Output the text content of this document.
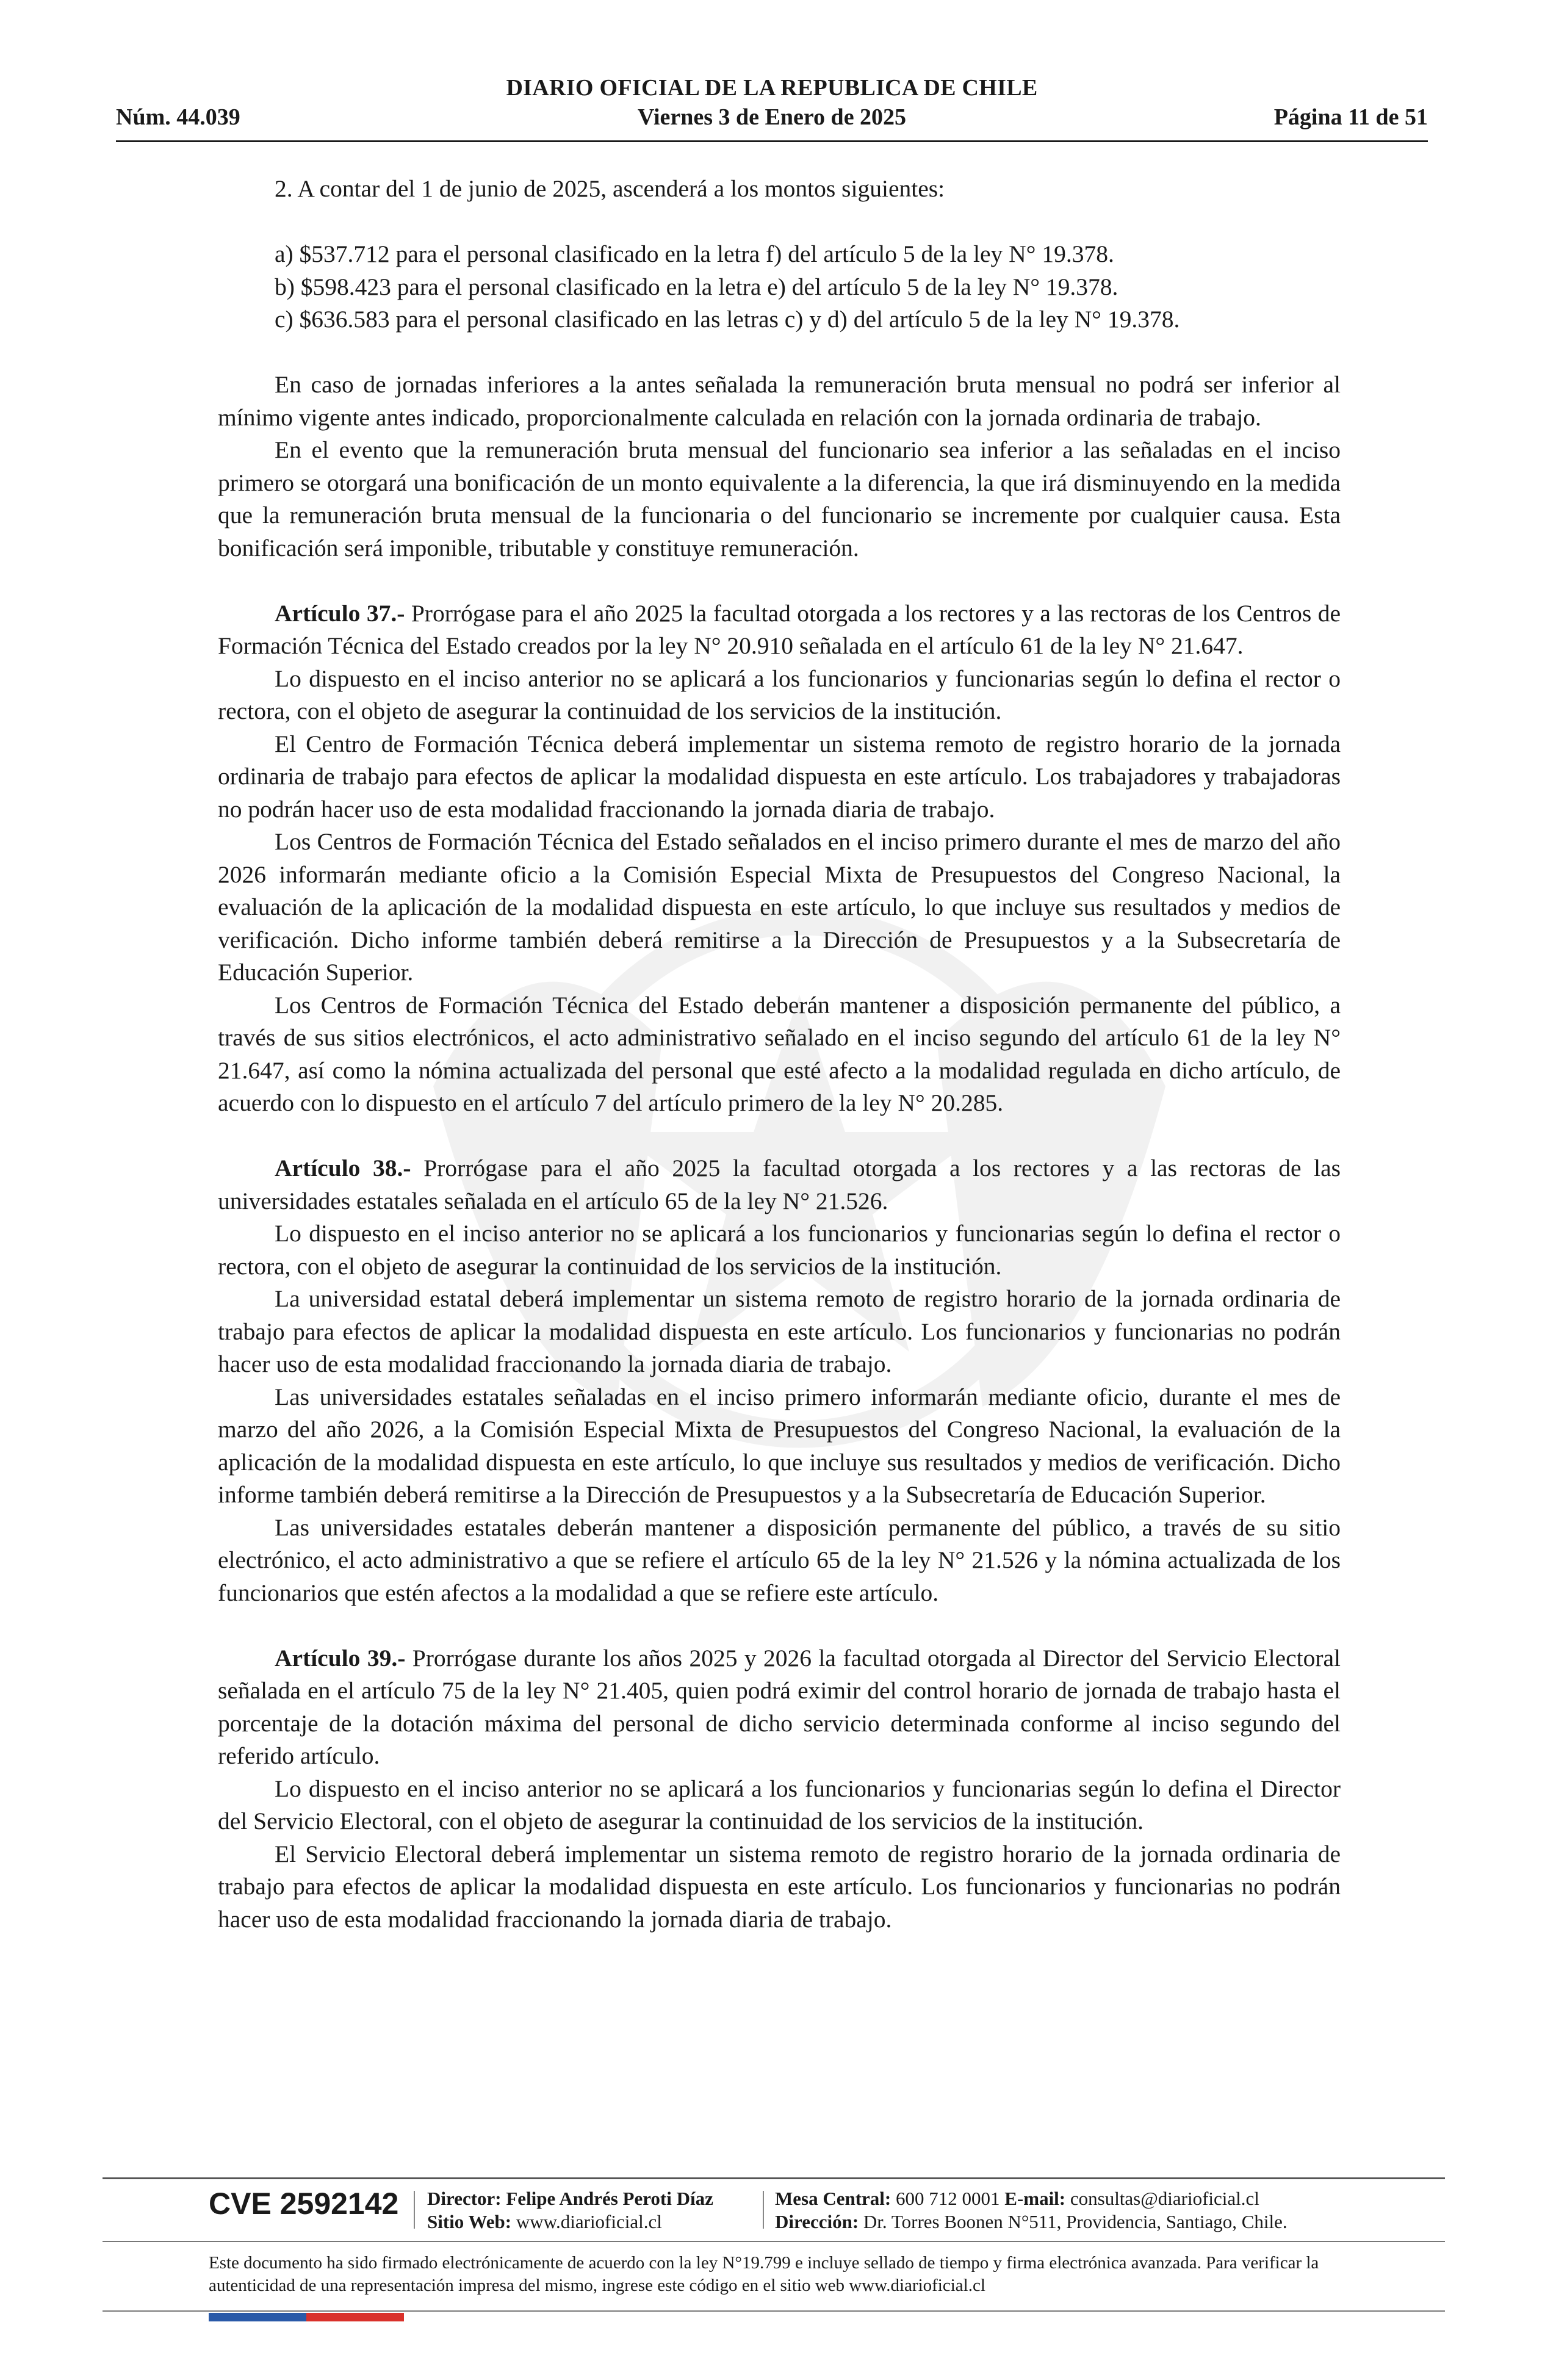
DIARIO OFICIAL DE LA REPUBLICA DE CHILE
Núm. 44.039	Viernes 3 de Enero de 2025	Página 11 de 51

2. A contar del 1 de junio de 2025, ascenderá a los montos siguientes:

a) $537.712 para el personal clasificado en la letra f) del artículo 5 de la ley N° 19.378.

b) $598.423 para el personal clasificado en la letra e) del artículo 5 de la ley N° 19.378.

c) $636.583 para el personal clasificado en las letras c) y d) del artículo 5 de la ley N° 19.378.

En caso de jornadas inferiores a la antes señalada la remuneración bruta mensual no podrá ser inferior al mínimo vigente antes indicado, proporcionalmente calculada en relación con la jornada ordinaria de trabajo.

En el evento que la remuneración bruta mensual del funcionario sea inferior a las señaladas en el inciso primero se otorgará una bonificación de un monto equivalente a la diferencia, la que irá disminuyendo en la medida que la remuneración bruta mensual de la funcionaria o del funcionario se incremente por cualquier causa. Esta bonificación será imponible, tributable y constituye remuneración.

Artículo 37.- Prorrógase para el año 2025 la facultad otorgada a los rectores y a las rectoras de los Centros de Formación Técnica del Estado creados por la ley N° 20.910 señalada en el artículo 61 de la ley N° 21.647.

Lo dispuesto en el inciso anterior no se aplicará a los funcionarios y funcionarias según lo defina el rector o rectora, con el objeto de asegurar la continuidad de los servicios de la institución.

El Centro de Formación Técnica deberá implementar un sistema remoto de registro horario de la jornada ordinaria de trabajo para efectos de aplicar la modalidad dispuesta en este artículo. Los trabajadores y trabajadoras no podrán hacer uso de esta modalidad fraccionando la jornada diaria de trabajo.

Los Centros de Formación Técnica del Estado señalados en el inciso primero durante el mes de marzo del año 2026 informarán mediante oficio a la Comisión Especial Mixta de Presupuestos del Congreso Nacional, la evaluación de la aplicación de la modalidad dispuesta en este artículo, lo que incluye sus resultados y medios de verificación. Dicho informe también deberá remitirse a la Dirección de Presupuestos y a la Subsecretaría de Educación Superior.

Los Centros de Formación Técnica del Estado deberán mantener a disposición permanente del público, a través de sus sitios electrónicos, el acto administrativo señalado en el inciso segundo del artículo 61 de la ley N° 21.647, así como la nómina actualizada del personal que esté afecto a la modalidad regulada en dicho artículo, de acuerdo con lo dispuesto en el artículo 7 del artículo primero de la ley N° 20.285.

Artículo 38.- Prorrógase para el año 2025 la facultad otorgada a los rectores y a las rectoras de las universidades estatales señalada en el artículo 65 de la ley N° 21.526.

Lo dispuesto en el inciso anterior no se aplicará a los funcionarios y funcionarias según lo defina el rector o rectora, con el objeto de asegurar la continuidad de los servicios de la institución.

La universidad estatal deberá implementar un sistema remoto de registro horario de la jornada ordinaria de trabajo para efectos de aplicar la modalidad dispuesta en este artículo. Los funcionarios y funcionarias no podrán hacer uso de esta modalidad fraccionando la jornada diaria de trabajo.

Las universidades estatales señaladas en el inciso primero informarán mediante oficio, durante el mes de marzo del año 2026, a la Comisión Especial Mixta de Presupuestos del Congreso Nacional, la evaluación de la aplicación de la modalidad dispuesta en este artículo, lo que incluye sus resultados y medios de verificación. Dicho informe también deberá remitirse a la Dirección de Presupuestos y a la Subsecretaría de Educación Superior.

Las universidades estatales deberán mantener a disposición permanente del público, a través de su sitio electrónico, el acto administrativo a que se refiere el artículo 65 de la ley N° 21.526 y la nómina actualizada de los funcionarios que estén afectos a la modalidad a que se refiere este artículo.

Artículo 39.- Prorrógase durante los años 2025 y 2026 la facultad otorgada al Director del Servicio Electoral señalada en el artículo 75 de la ley N° 21.405, quien podrá eximir del control horario de jornada de trabajo hasta el porcentaje de la dotación máxima del personal de dicho servicio determinada conforme al inciso segundo del referido artículo.

Lo dispuesto en el inciso anterior no se aplicará a los funcionarios y funcionarias según lo defina el Director del Servicio Electoral, con el objeto de asegurar la continuidad de los servicios de la institución.

El Servicio Electoral deberá implementar un sistema remoto de registro horario de la jornada ordinaria de trabajo para efectos de aplicar la modalidad dispuesta en este artículo. Los funcionarios y funcionarias no podrán hacer uso de esta modalidad fraccionando la jornada diaria de trabajo.

CVE 2592142 Director: Felipe Andrés Peroti Díaz
Sitio Web: www.diarioficial.cl
Mesa Central: 600 712 0001 E-mail: consultas@diarioficial.cl
Dirección: Dr. Torres Boonen N°511, Providencia, Santiago, Chile.
Este documento ha sido firmado electrónicamente de acuerdo con la ley N°19.799 e incluye sellado de tiempo y firma electrónica avanzada. Para verificar la autenticidad de una representación impresa del mismo, ingrese este código en el sitio web www.diarioficial.cl
